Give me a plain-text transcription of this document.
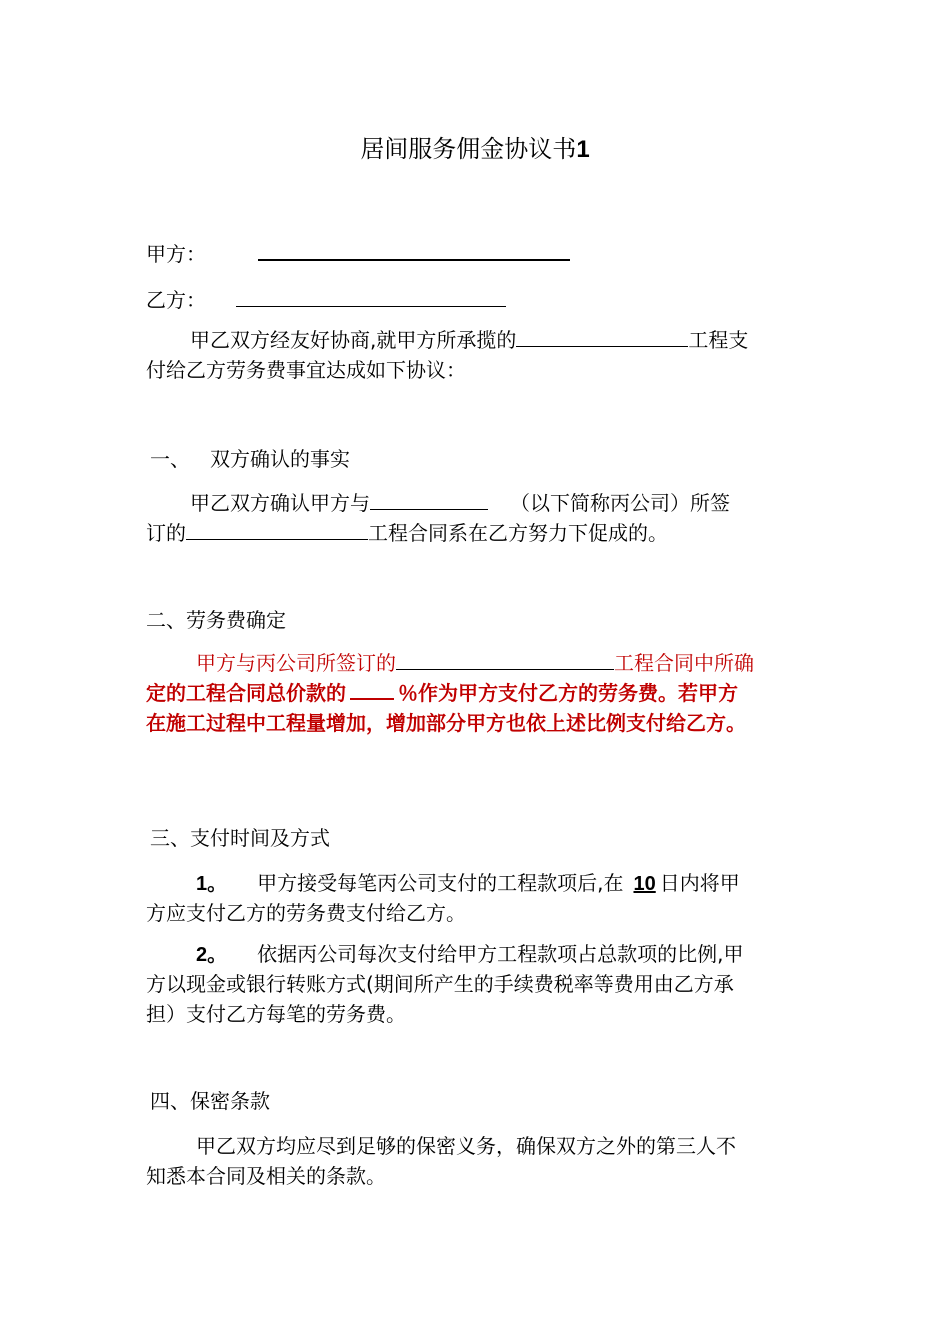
居间服务佣金协议书1
甲方：
乙方：
甲乙双方经友好协商,就甲方所承揽的	工程支
付给乙方劳务费事宜达成如下协议：
一、 双方确认的事实
甲乙双方确认甲方与	（以下简称丙公司）所签
订的	工程合同系在乙方努力下促成的。
二、劳务费确定
甲方与丙公司所签订的	工程合同中所确
定的工程合同总价款的	％作为甲方支付乙方的劳务费。若甲方
在施工过程中工程量增加，增加部分甲方也依上述比例支付给乙方。
三、支付时间及方式
1。 甲方接受每笔丙公司支付的工程款项后,在 10 日内将甲
方应支付乙方的劳务费支付给乙方。
2。 依据丙公司每次支付给甲方工程款项占总款项的比例,甲
方以现金或银行转账方式(期间所产生的手续费税率等费用由乙方承
担）支付乙方每笔的劳务费。
四、保密条款
甲乙双方均应尽到足够的保密义务，确保双方之外的第三人不
知悉本合同及相关的条款。
